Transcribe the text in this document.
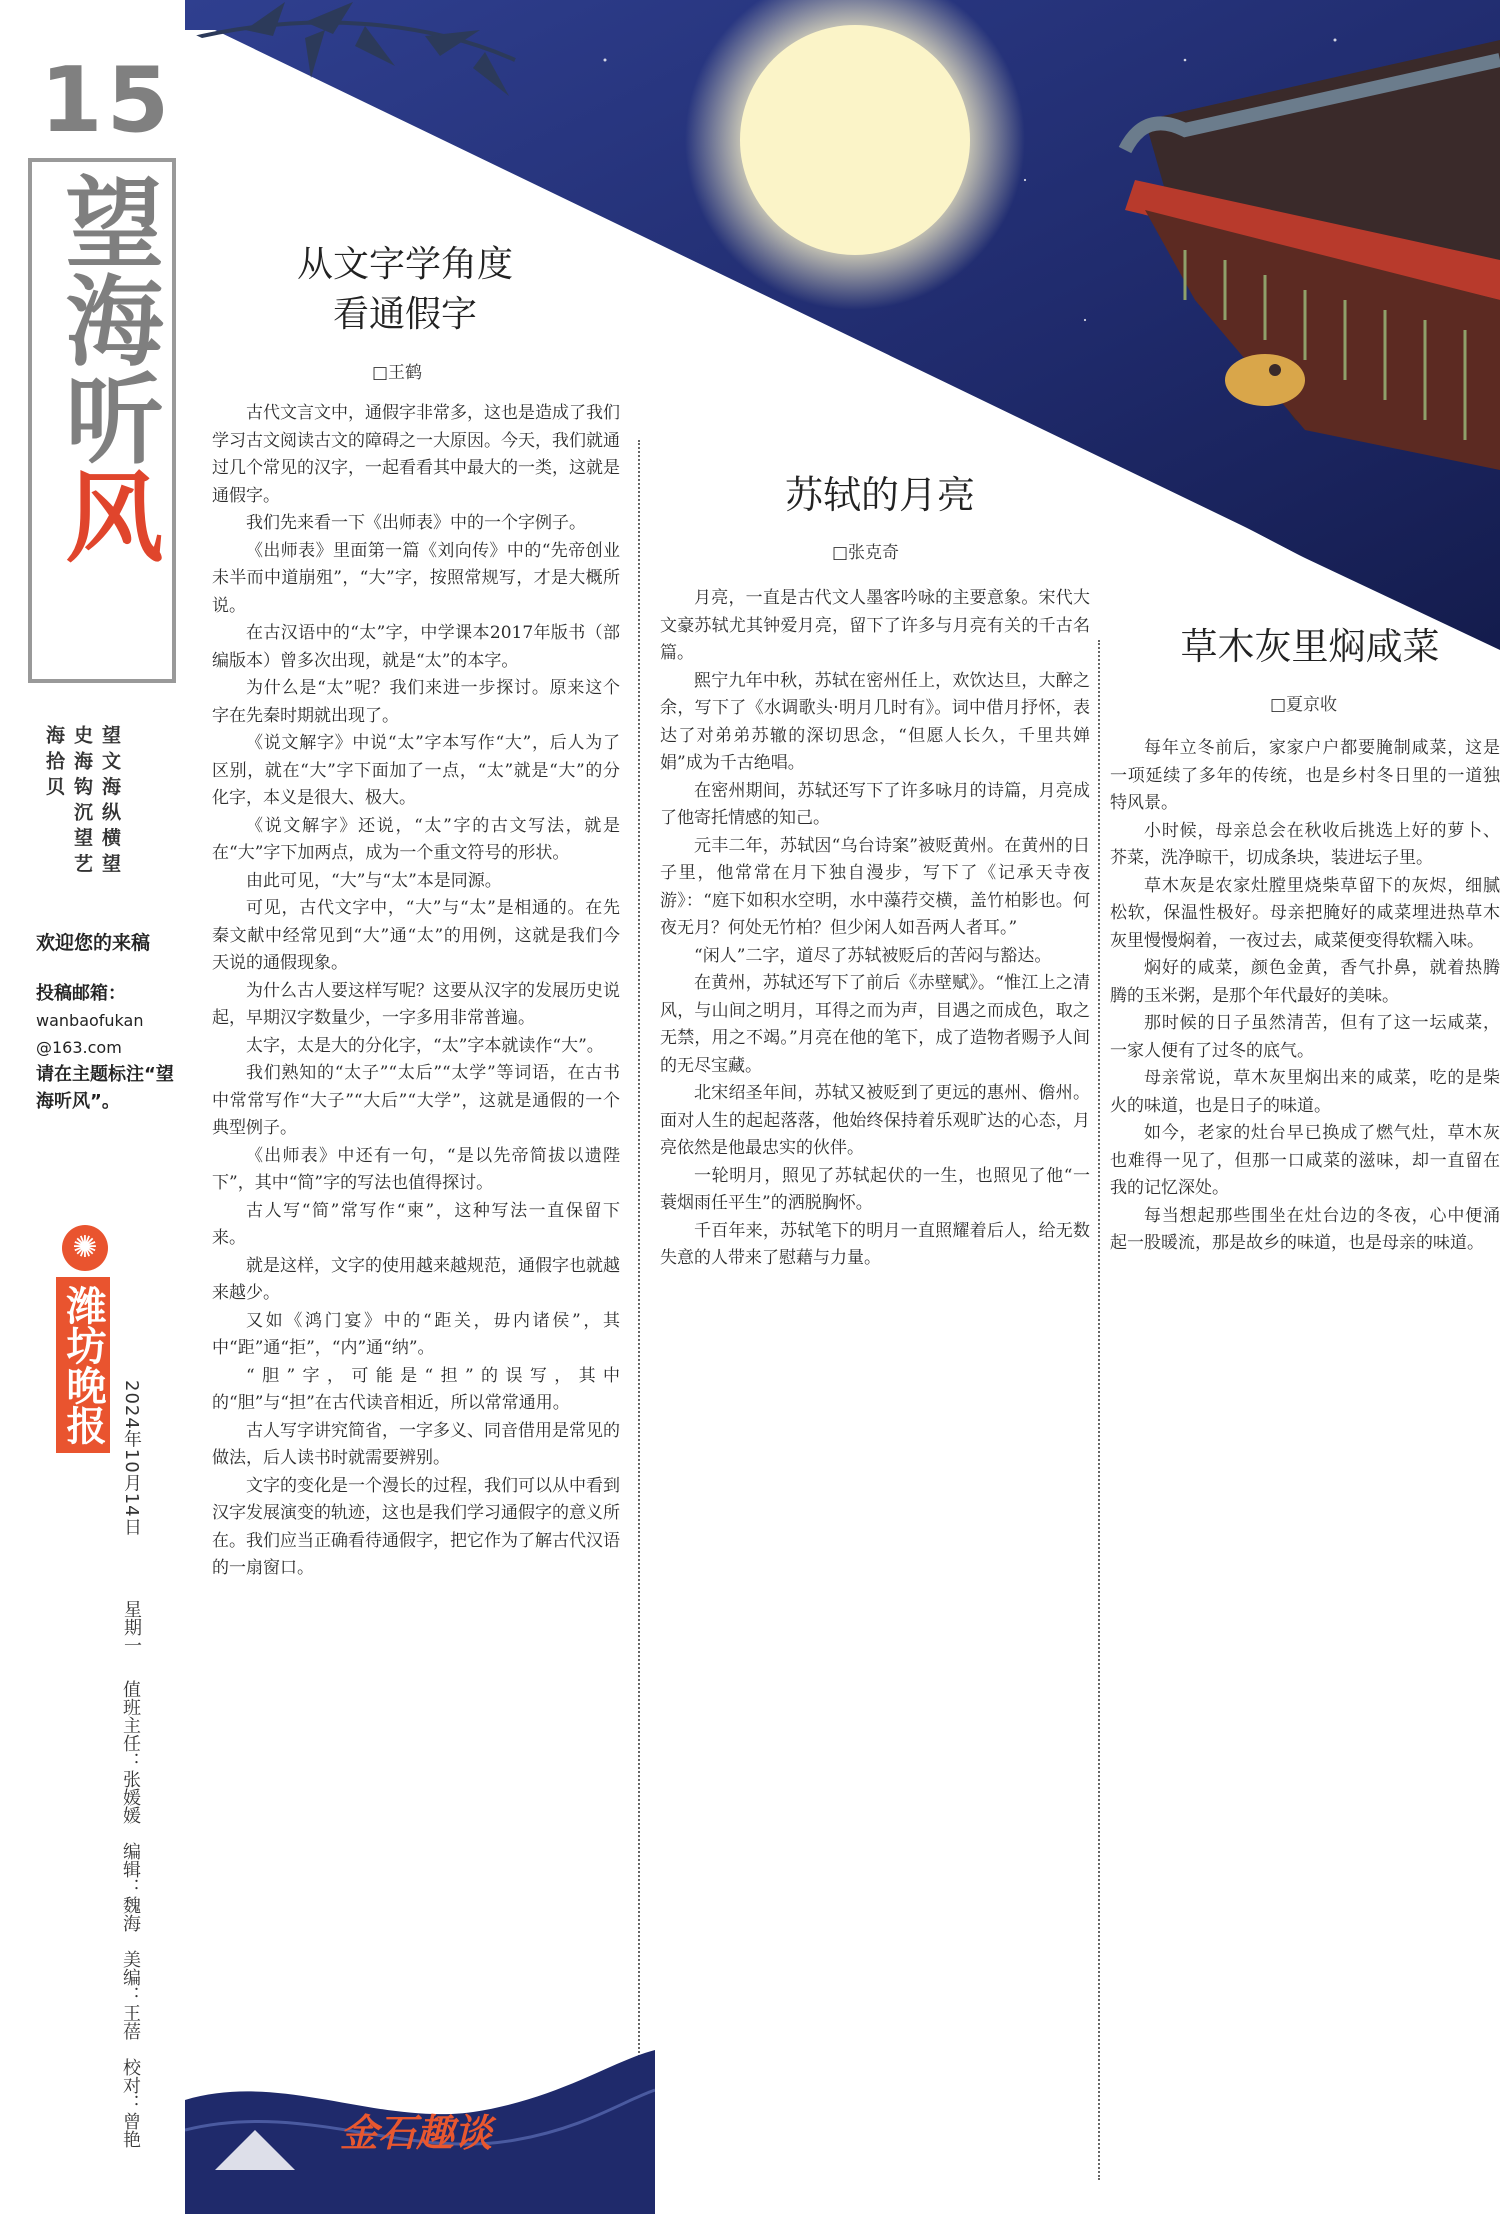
15
望海听风
望 文 海 纵 横 望 史 海 钩 沉 望 艺 海 拾 贝
欢迎您的来稿
投稿邮箱：
wanbaofukan
@163.com
请在主题标注“望海听风”。
✺
潍坊晚报
2024年10月14日
星期一
值班主任：张媛媛　编辑：魏海　美编：王蓓　校对：曾艳
从文字学角度
看通假字
□王鹤

古代文言文中，通假字非常多，这也是造成了我们学习古文阅读古文的障碍之一大原因。今天，我们就通过几个常见的汉字，一起看看其中最大的一类，这就是通假字。

我们先来看一下《出师表》中的一个字例子。

《出师表》里面第一篇《刘向传》中的“先帝创业未半而中道崩殂”，“大”字，按照常规写，才是大概所说。

在古汉语中的“太”字，中学课本2017年版书（部编版本）曾多次出现，就是“太”的本字。

为什么是“太”呢？我们来进一步探讨。原来这个字在先秦时期就出现了。

《说文解字》中说“太”字本写作“大”，后人为了区别，就在“大”字下面加了一点，“太”就是“大”的分化字，本义是很大、极大。

《说文解字》还说，“太”字的古文写法，就是在“大”字下加两点，成为一个重文符号的形状。

由此可见，“大”与“太”本是同源。

可见，古代文字中，“大”与“太”是相通的。在先秦文献中经常见到“大”通“太”的用例，这就是我们今天说的通假现象。

为什么古人要这样写呢？这要从汉字的发展历史说起，早期汉字数量少，一字多用非常普遍。

太字，太是大的分化字，“太”字本就读作“大”。

我们熟知的“太子”“太后”“太学”等词语，在古书中常常写作“大子”“大后”“大学”，这就是通假的一个典型例子。

《出师表》中还有一句，“是以先帝简拔以遗陛下”，其中“简”字的写法也值得探讨。

古人写“简”常写作“柬”，这种写法一直保留下来。

就是这样，文字的使用越来越规范，通假字也就越来越少。

又如《鸿门宴》中的“距关，毋内诸侯”，其中“距”通“拒”，“内”通“纳”。

“胆”字，可能是“担”的误写，其中的“胆”与“担”在古代读音相近，所以常常通用。

古人写字讲究简省，一字多义、同音借用是常见的做法，后人读书时就需要辨别。

文字的变化是一个漫长的过程，我们可以从中看到汉字发展演变的轨迹，这也是我们学习通假字的意义所在。我们应当正确看待通假字，把它作为了解古代汉语的一扇窗口。

苏轼的月亮
□张克奇

月亮，一直是古代文人墨客吟咏的主要意象。宋代大文豪苏轼尤其钟爱月亮，留下了许多与月亮有关的千古名篇。

熙宁九年中秋，苏轼在密州任上，欢饮达旦，大醉之余，写下了《水调歌头·明月几时有》。词中借月抒怀，表达了对弟弟苏辙的深切思念，“但愿人长久，千里共婵娟”成为千古绝唱。

在密州期间，苏轼还写下了许多咏月的诗篇，月亮成了他寄托情感的知己。

元丰二年，苏轼因“乌台诗案”被贬黄州。在黄州的日子里，他常常在月下独自漫步，写下了《记承天寺夜游》：“庭下如积水空明，水中藻荇交横，盖竹柏影也。何夜无月？何处无竹柏？但少闲人如吾两人者耳。”

“闲人”二字，道尽了苏轼被贬后的苦闷与豁达。

在黄州，苏轼还写下了前后《赤壁赋》。“惟江上之清风，与山间之明月，耳得之而为声，目遇之而成色，取之无禁，用之不竭。”月亮在他的笔下，成了造物者赐予人间的无尽宝藏。

北宋绍圣年间，苏轼又被贬到了更远的惠州、儋州。面对人生的起起落落，他始终保持着乐观旷达的心态，月亮依然是他最忠实的伙伴。

一轮明月，照见了苏轼起伏的一生，也照见了他“一蓑烟雨任平生”的洒脱胸怀。

千百年来，苏轼笔下的明月一直照耀着后人，给无数失意的人带来了慰藉与力量。

草木灰里焖咸菜
□夏京收

每年立冬前后，家家户户都要腌制咸菜，这是一项延续了多年的传统，也是乡村冬日里的一道独特风景。

小时候，母亲总会在秋收后挑选上好的萝卜、芥菜，洗净晾干，切成条块，装进坛子里。

草木灰是农家灶膛里烧柴草留下的灰烬，细腻松软，保温性极好。母亲把腌好的咸菜埋进热草木灰里慢慢焖着，一夜过去，咸菜便变得软糯入味。

焖好的咸菜，颜色金黄，香气扑鼻，就着热腾腾的玉米粥，是那个年代最好的美味。

那时候的日子虽然清苦，但有了这一坛咸菜，一家人便有了过冬的底气。

母亲常说，草木灰里焖出来的咸菜，吃的是柴火的味道，也是日子的味道。

如今，老家的灶台早已换成了燃气灶，草木灰也难得一见了，但那一口咸菜的滋味，却一直留在我的记忆深处。

每当想起那些围坐在灶台边的冬夜，心中便涌起一股暖流，那是故乡的味道，也是母亲的味道。

金石趣谈
